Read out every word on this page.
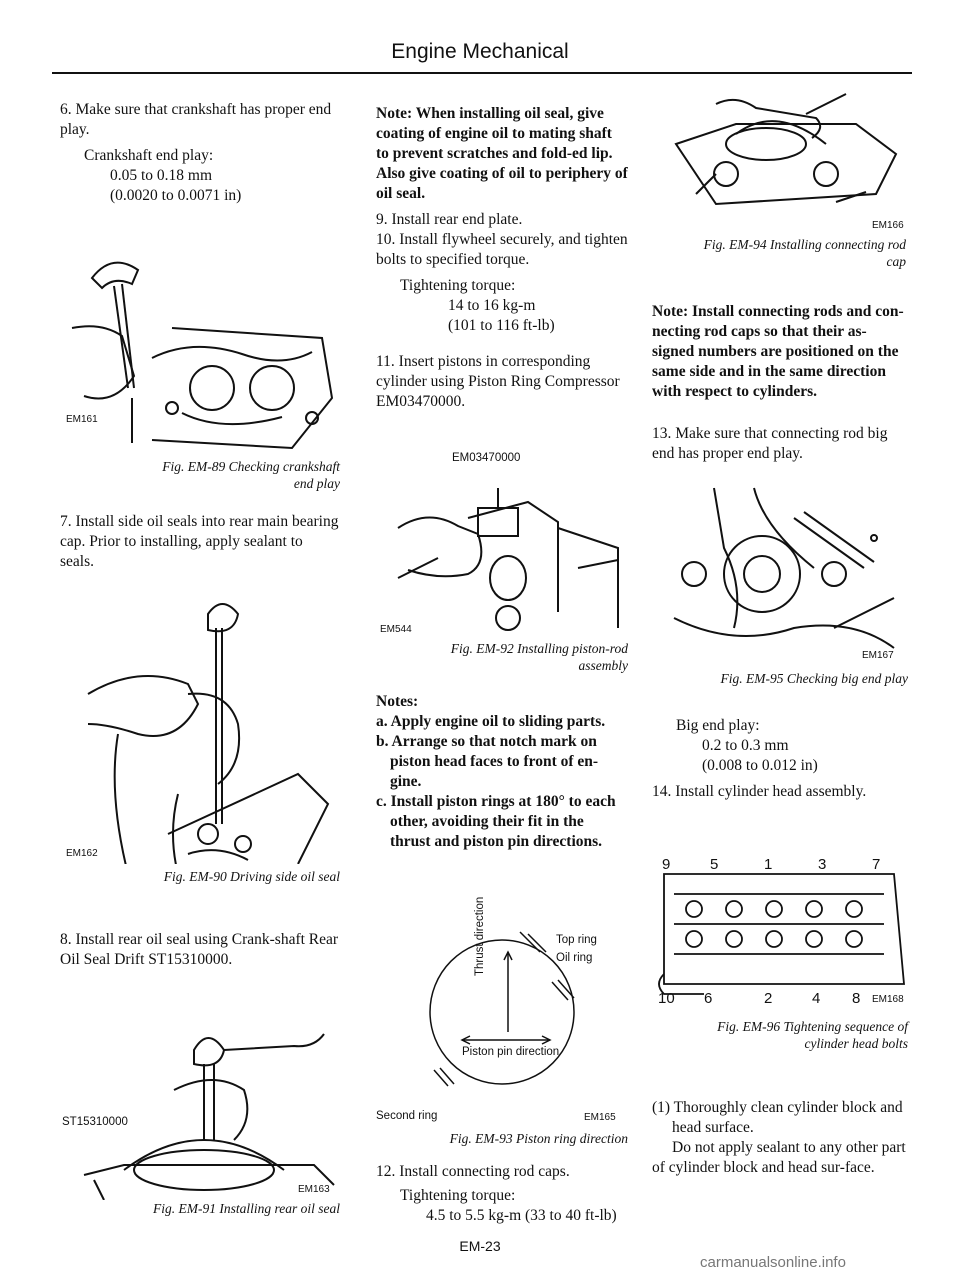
Engine Mechanical

6. Make sure that crankshaft has proper end play.

Crankshaft end play:

0.05 to 0.18 mm

(0.0020 to 0.0071 in)

EM161
Fig. EM-89 Checking crankshaft
end play

7. Install side oil seals into rear main bearing cap. Prior to installing, apply sealant to seals.

EM162
Fig. EM-90 Driving side oil seal

8. Install rear oil seal using Crank-shaft Rear Oil Seal Drift ST15310000.

ST15310000
EM163
Fig. EM-91 Installing rear oil seal

Note: When installing oil seal, give coating of engine oil to mating shaft to prevent scratches and fold-ed lip. Also give coating of oil to periphery of oil seal.

9. Install rear end plate.

10. Install flywheel securely, and tighten bolts to specified torque.

Tightening torque:

14 to 16 kg-m

(101 to 116 ft-lb)

11. Insert pistons in corresponding cylinder using Piston Ring Compressor EM03470000.

EM03470000
EM544
Fig. EM-92 Installing piston-rod
assembly

Notes:

a. Apply engine oil to sliding parts.

b. Arrange so that notch mark on piston head faces to front of en-gine.

c. Install piston rings at 180° to each other, avoiding their fit in the thrust and piston pin directions.

Top ring
Oil ring
Thrust direction
Piston pin direction
Second ring	EM165
Fig. EM-93 Piston ring direction

12. Install connecting rod caps.

Tightening torque:

4.5 to 5.5 kg-m (33 to 40 ft-lb)

EM166
Fig. EM-94 Installing connecting rod
cap

Note: Install connecting rods and con-necting rod caps so that their as-signed numbers are positioned on the same side and in the same direction with respect to cylinders.

13. Make sure that connecting rod big end has proper end play.

EM167
Fig. EM-95 Checking big end play

Big end play:

0.2 to 0.3 mm

(0.008 to 0.012 in)

14. Install cylinder head assembly.

9	5	1	3	7
10 6	2	4 8 EM168
Fig. EM-96 Tightening sequence of
cylinder head bolts

(1) Thoroughly clean cylinder block and head surface.

Do not apply sealant to any other part of cylinder block and head sur-face.

EM-23
carmanualsonline.info
